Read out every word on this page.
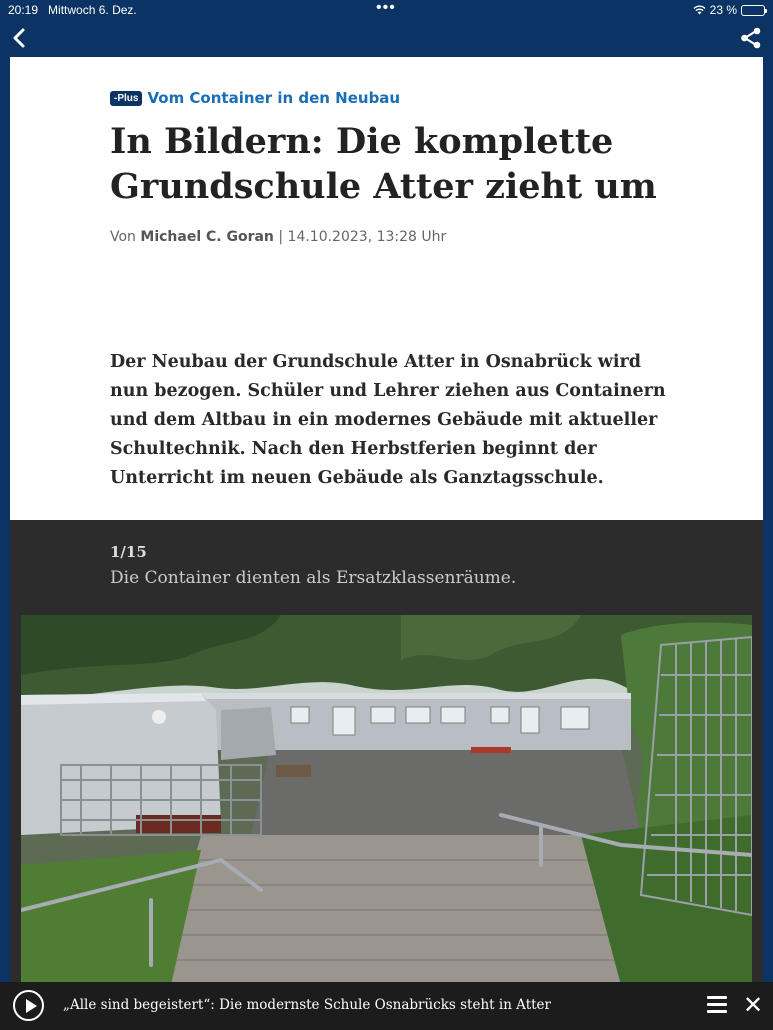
20:19 Mittwoch 6. Dez.	•••	23 %
-Plus Vom Container in den Neubau
In Bildern: Die komplette Grundschule Atter zieht um
Von Michael C. Goran | 14.10.2023, 13:28 Uhr

Der Neubau der Grundschule Atter in Osnabrück wird nun bezogen. Schüler und Lehrer ziehen aus Containern und dem Altbau in ein modernes Gebäude mit aktueller Schultechnik. Nach den Herbstferien beginnt der Unterricht im neuen Gebäude als Ganztagsschule.

1/15
Die Container dienten als Ersatzklassenräume.
„Alle sind begeistert“: Die modernste Schule Osnabrücks steht in Atter	✕
